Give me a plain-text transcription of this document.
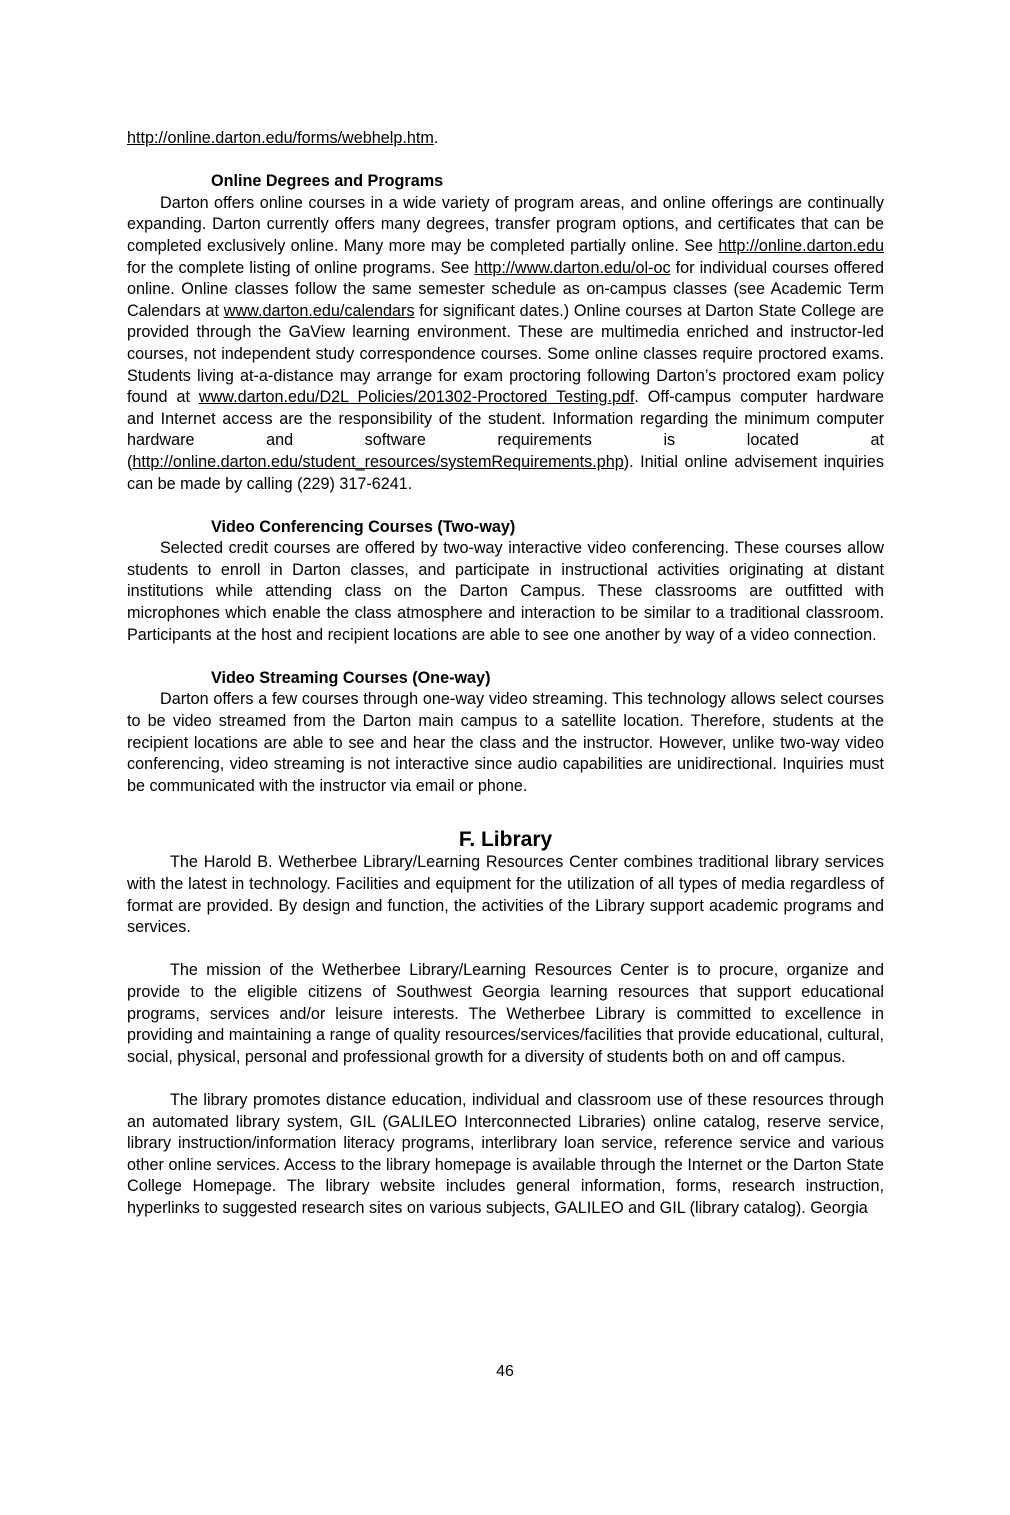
http://online.darton.edu/forms/webhelp.htm.

Online Degrees and Programs

Darton offers online courses in a wide variety of program areas, and online offerings are continually expanding. Darton currently offers many degrees, transfer program options, and certificates that can be completed exclusively online. Many more may be completed partially online. See http://online.darton.edu for the complete listing of online programs. See http://www.darton.edu/ol-oc for individual courses offered online. Online classes follow the same semester schedule as on-campus classes (see Academic Term Calendars at www.darton.edu/calendars for significant dates.) Online courses at Darton State College are provided through the GaView learning environment. These are multimedia enriched and instructor-led courses, not independent study correspondence courses. Some online classes require proctored exams. Students living at-a-distance may arrange for exam proctoring following Darton’s proctored exam policy found at www.darton.edu/D2L Policies/201302-Proctored Testing.pdf. Off-campus computer hardware and Internet access are the responsibility of the student. Information regarding the minimum computer hardware and software requirements is located at (http://online.darton.edu/student_resources/systemRequirements.php). Initial online advisement inquiries can be made by calling (229) 317-6241.

Video Conferencing Courses (Two-way)

Selected credit courses are offered by two-way interactive video conferencing. These courses allow students to enroll in Darton classes, and participate in instructional activities originating at distant institutions while attending class on the Darton Campus. These classrooms are outfitted with microphones which enable the class atmosphere and interaction to be similar to a traditional classroom. Participants at the host and recipient locations are able to see one another by way of a video connection.

Video Streaming Courses (One-way)

Darton offers a few courses through one-way video streaming. This technology allows select courses to be video streamed from the Darton main campus to a satellite location. Therefore, students at the recipient locations are able to see and hear the class and the instructor. However, unlike two-way video conferencing, video streaming is not interactive since audio capabilities are unidirectional. Inquiries must be communicated with the instructor via email or phone.

F. Library

The Harold B. Wetherbee Library/Learning Resources Center combines traditional library services with the latest in technology. Facilities and equipment for the utilization of all types of media regardless of format are provided. By design and function, the activities of the Library support academic programs and services.

The mission of the Wetherbee Library/Learning Resources Center is to procure, organize and provide to the eligible citizens of Southwest Georgia learning resources that support educational programs, services and/or leisure interests. The Wetherbee Library is committed to excellence in providing and maintaining a range of quality resources/services/facilities that provide educational, cultural, social, physical, personal and professional growth for a diversity of students both on and off campus.

The library promotes distance education, individual and classroom use of these resources through an automated library system, GIL (GALILEO Interconnected Libraries) online catalog, reserve service, library instruction/information literacy programs, interlibrary loan service, reference service and various other online services. Access to the library homepage is available through the Internet or the Darton State College Homepage. The library website includes general information, forms, research instruction, hyperlinks to suggested research sites on various subjects, GALILEO and GIL (library catalog). Georgia

46
